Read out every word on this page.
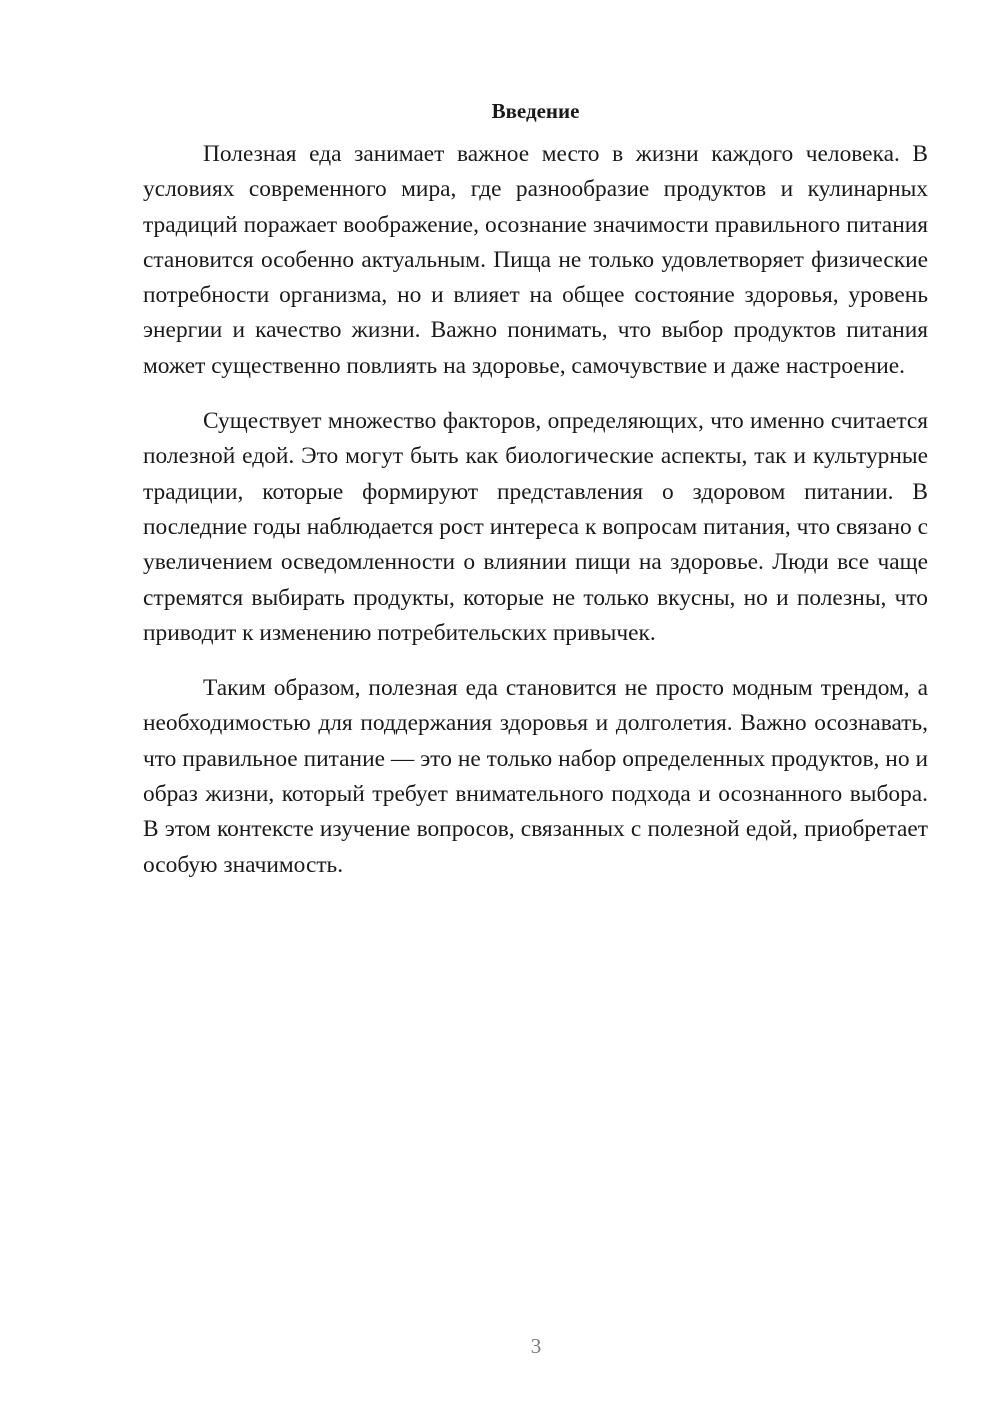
Введение

Полезная еда занимает важное место в жизни каждого человека. В условиях современного мира, где разнообразие продуктов и кулинарных традиций поражает воображение, осознание значимости правильного питания становится особенно актуальным. Пища не только удовлетворяет физические потребности организма, но и влияет на общее состояние здоровья, уровень энергии и качество жизни. Важно понимать, что выбор продуктов питания может существенно повлиять на здоровье, самочувствие и даже настроение.

Существует множество факторов, определяющих, что именно считается полезной едой. Это могут быть как биологические аспекты, так и культурные традиции, которые формируют представления о здоровом питании. В последние годы наблюдается рост интереса к вопросам питания, что связано с увеличением осведомленности о влиянии пищи на здоровье. Люди все чаще стремятся выбирать продукты, которые не только вкусны, но и полезны, что приводит к изменению потребительских привычек.

Таким образом, полезная еда становится не просто модным трендом, а необходимостью для поддержания здоровья и долголетия. Важно осознавать, что правильное питание — это не только набор определенных продуктов, но и образ жизни, который требует внимательного подхода и осознанного выбора. В этом контексте изучение вопросов, связанных с полезной едой, приобретает особую значимость.

3
